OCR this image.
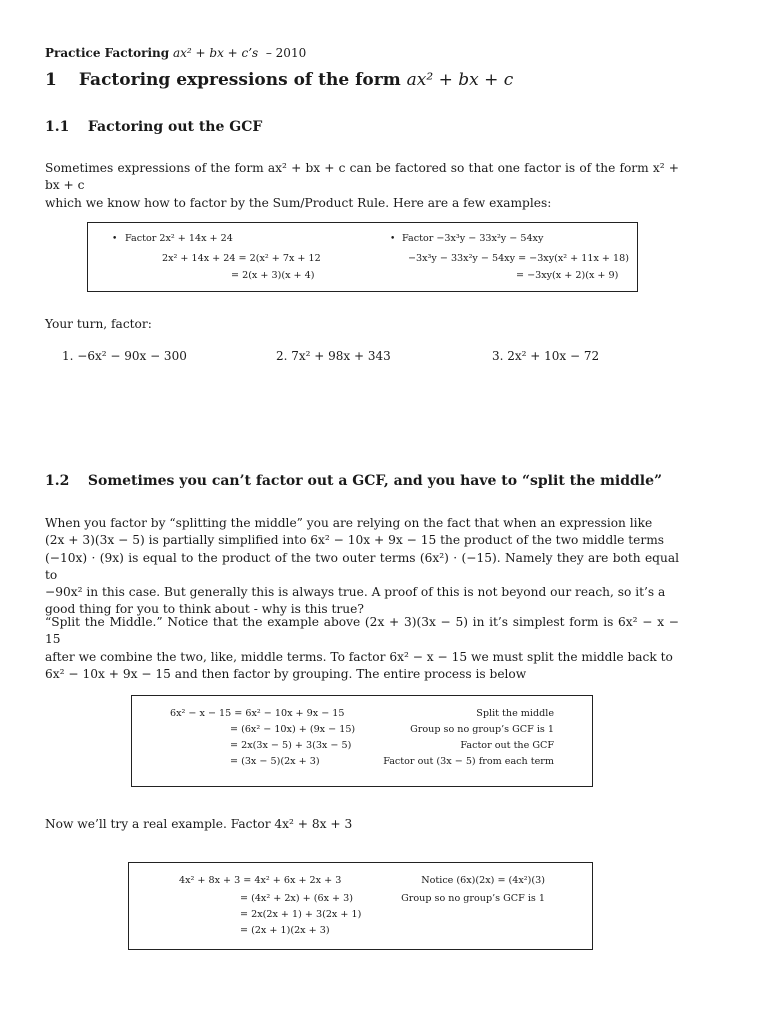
Practice Factoring ax² + bx + c’s – 2010
1 Factoring expressions of the form ax² + bx + c
1.1 Factoring out the GCF
Sometimes expressions of the form ax² + bx + c can be factored so that one factor is of the form x² + bx + c
which we know how to factor by the Sum/Product Rule. Here are a few examples:
• Factor 2x² + 14x + 24
2x² + 14x + 24 = 2(x² + 7x + 12
= 2(x + 3)(x + 4)
• Factor −3x³y − 33x²y − 54xy
−3x³y − 33x²y − 54xy = −3xy(x² + 11x + 18)
= −3xy(x + 2)(x + 9)
Your turn, factor:
1. −6x² − 90x − 300	2. 7x² + 98x + 343	3. 2x² + 10x − 72
1.2 Sometimes you can’t factor out a GCF, and you have to “split the middle”
When you factor by “splitting the middle” you are relying on the fact that when an expression like
(2x + 3)(3x − 5) is partially simplified into 6x² − 10x + 9x − 15 the product of the two middle terms
(−10x) · (9x) is equal to the product of the two outer terms (6x²) · (−15). Namely they are both equal to
−90x² in this case. But generally this is always true. A proof of this is not beyond our reach, so it’s a
good thing for you to think about - why is this true?
“Split the Middle.” Notice that the example above (2x + 3)(3x − 5) in it’s simplest form is 6x² − x − 15
after we combine the two, like, middle terms. To factor 6x² − x − 15 we must split the middle back to
6x² − 10x + 9x − 15 and then factor by grouping. The entire process is below
6x² − x − 15 = 6x² − 10x + 9x − 15
= (6x² − 10x) + (9x − 15)
= 2x(3x − 5) + 3(3x − 5)
= (3x − 5)(2x + 3)
Split the middle
Group so no group’s GCF is 1
Factor out the GCF
Factor out (3x − 5) from each term
Now we’ll try a real example. Factor 4x² + 8x + 3
4x² + 8x + 3 = 4x² + 6x + 2x + 3
= (4x² + 2x) + (6x + 3)
= 2x(2x + 1) + 3(2x + 1)
= (2x + 1)(2x + 3)
Notice (6x)(2x) = (4x²)(3)
Group so no group’s GCF is 1
